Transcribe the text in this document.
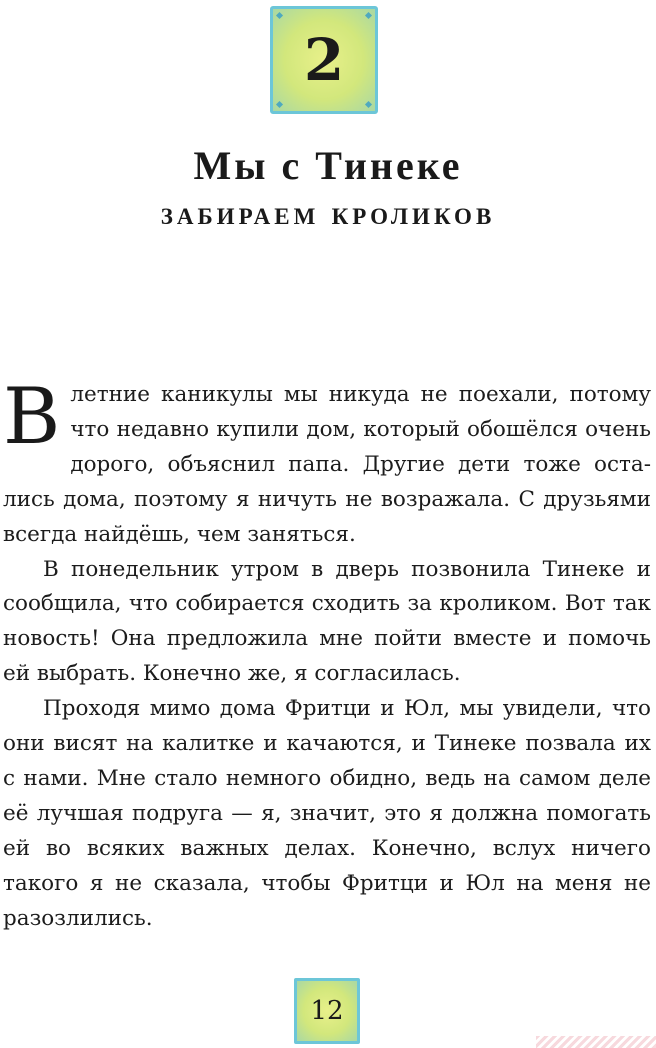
2
Мы с Тинеке
забираем кроликов

В летние каникулы мы никуда не поехали, потому что недавно купили дом, который обошёлся очень дорого, объяснил папа. Другие дети тоже остались дома, поэтому я ничуть не возражала. С друзьями всегда найдёшь, чем заняться.

В понедельник утром в дверь позвонила Тинеке и сообщила, что собирается сходить за кроликом. Вот так новость! Она предложила мне пойти вместе и помочь ей выбрать. Конечно же, я согласилась.

Проходя мимо дома Фритци и Юл, мы увидели, что они висят на калитке и качаются, и Тинеке позвала их с нами. Мне стало немного обидно, ведь на самом деле её лучшая подруга — я, значит, это я должна помогать ей во всяких важных делах. Конечно, вслух ничего такого я не сказала, чтобы Фритци и Юл на меня не разозлились.

12
